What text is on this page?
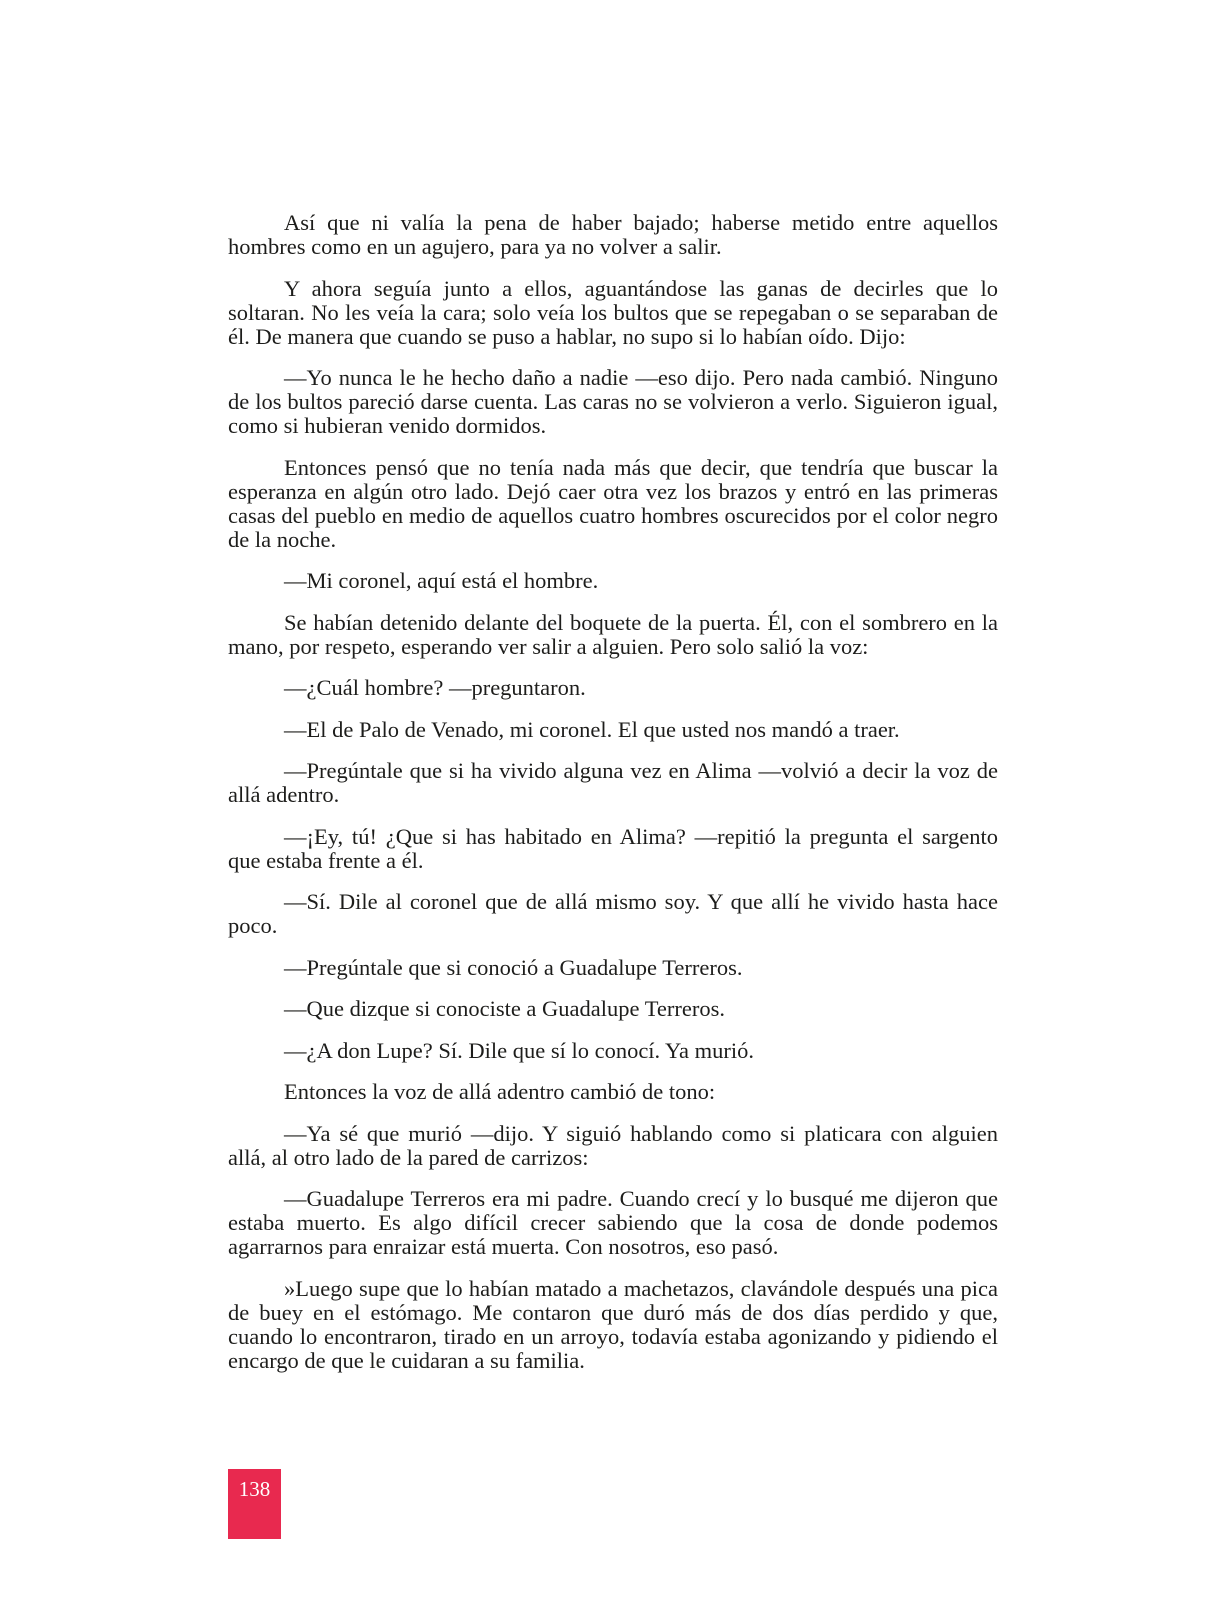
Así que ni valía la pena de haber bajado; haberse metido entre aquellos hombres como en un agujero, para ya no volver a salir.

Y ahora seguía junto a ellos, aguantándose las ganas de decirles que lo soltaran. No les veía la cara; solo veía los bultos que se repegaban o se separaban de él. De manera que cuando se puso a hablar, no supo si lo habían oído. Dijo:

—Yo nunca le he hecho daño a nadie —eso dijo. Pero nada cambió. Ninguno de los bultos pareció darse cuenta. Las caras no se volvieron a verlo. Siguieron igual, como si hubieran venido dormidos.

Entonces pensó que no tenía nada más que decir, que tendría que buscar la esperanza en algún otro lado. Dejó caer otra vez los brazos y entró en las primeras casas del pueblo en medio de aquellos cuatro hombres oscurecidos por el color negro de la noche.

—Mi coronel, aquí está el hombre.

Se habían detenido delante del boquete de la puerta. Él, con el sombrero en la mano, por respeto, esperando ver salir a alguien. Pero solo salió la voz:

—¿Cuál hombre? —preguntaron.

—El de Palo de Venado, mi coronel. El que usted nos mandó a traer.

—Pregúntale que si ha vivido alguna vez en Alima —volvió a decir la voz de allá adentro.

—¡Ey, tú! ¿Que si has habitado en Alima? —repitió la pregunta el sargento que estaba frente a él.

—Sí. Dile al coronel que de allá mismo soy. Y que allí he vivido hasta hace poco.

—Pregúntale que si conoció a Guadalupe Terreros.

—Que dizque si conociste a Guadalupe Terreros.

—¿A don Lupe? Sí. Dile que sí lo conocí. Ya murió.

Entonces la voz de allá adentro cambió de tono:

—Ya sé que murió —dijo. Y siguió hablando como si platicara con alguien allá, al otro lado de la pared de carrizos:

—Guadalupe Terreros era mi padre. Cuando crecí y lo busqué me dijeron que estaba muerto. Es algo difícil crecer sabiendo que la cosa de donde podemos agarrarnos para enraizar está muerta. Con nosotros, eso pasó.

»Luego supe que lo habían matado a machetazos, clavándole después una pica de buey en el estómago. Me contaron que duró más de dos días perdido y que, cuando lo encontraron, tirado en un arroyo, todavía estaba agonizando y pidiendo el encargo de que le cuidaran a su familia.

138
